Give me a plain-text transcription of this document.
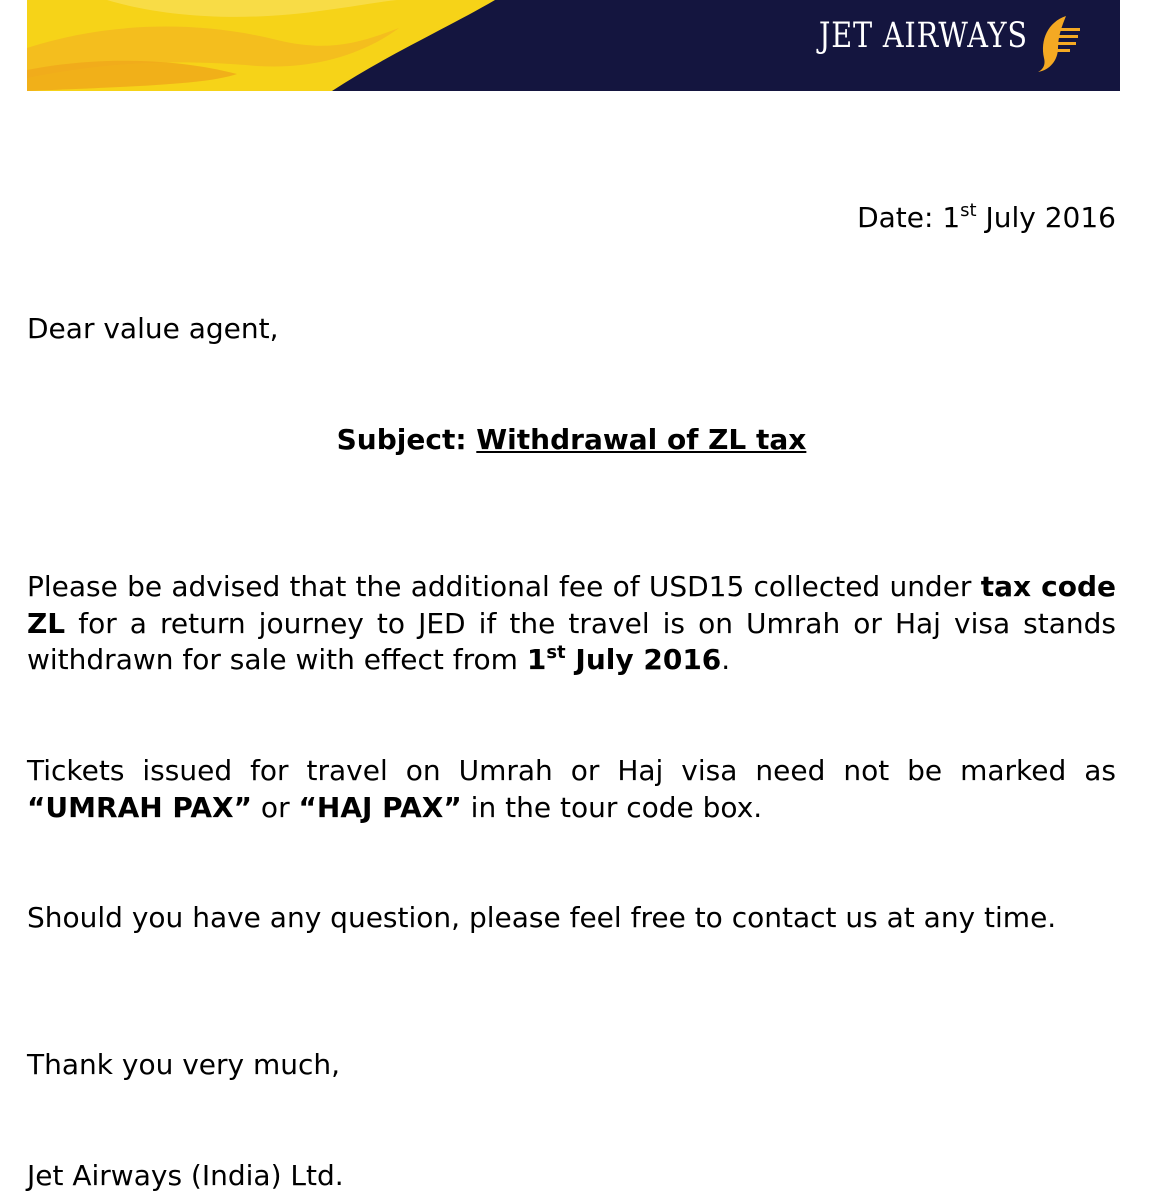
JET AIRWAYS

Date: 1st July 2016

Dear value agent,

Subject: Withdrawal of ZL tax

Please be advised that the additional fee of USD15 collected under tax code ZL for a return journey to JED if the travel is on Umrah or Haj visa stands withdrawn for sale with effect from 1st July 2016.

Tickets issued for travel on Umrah or Haj visa need not be marked as “UMRAH PAX” or “HAJ PAX” in the tour code box.

Should you have any question, please feel free to contact us at any time.

Thank you very much,

Jet Airways (India) Ltd.
